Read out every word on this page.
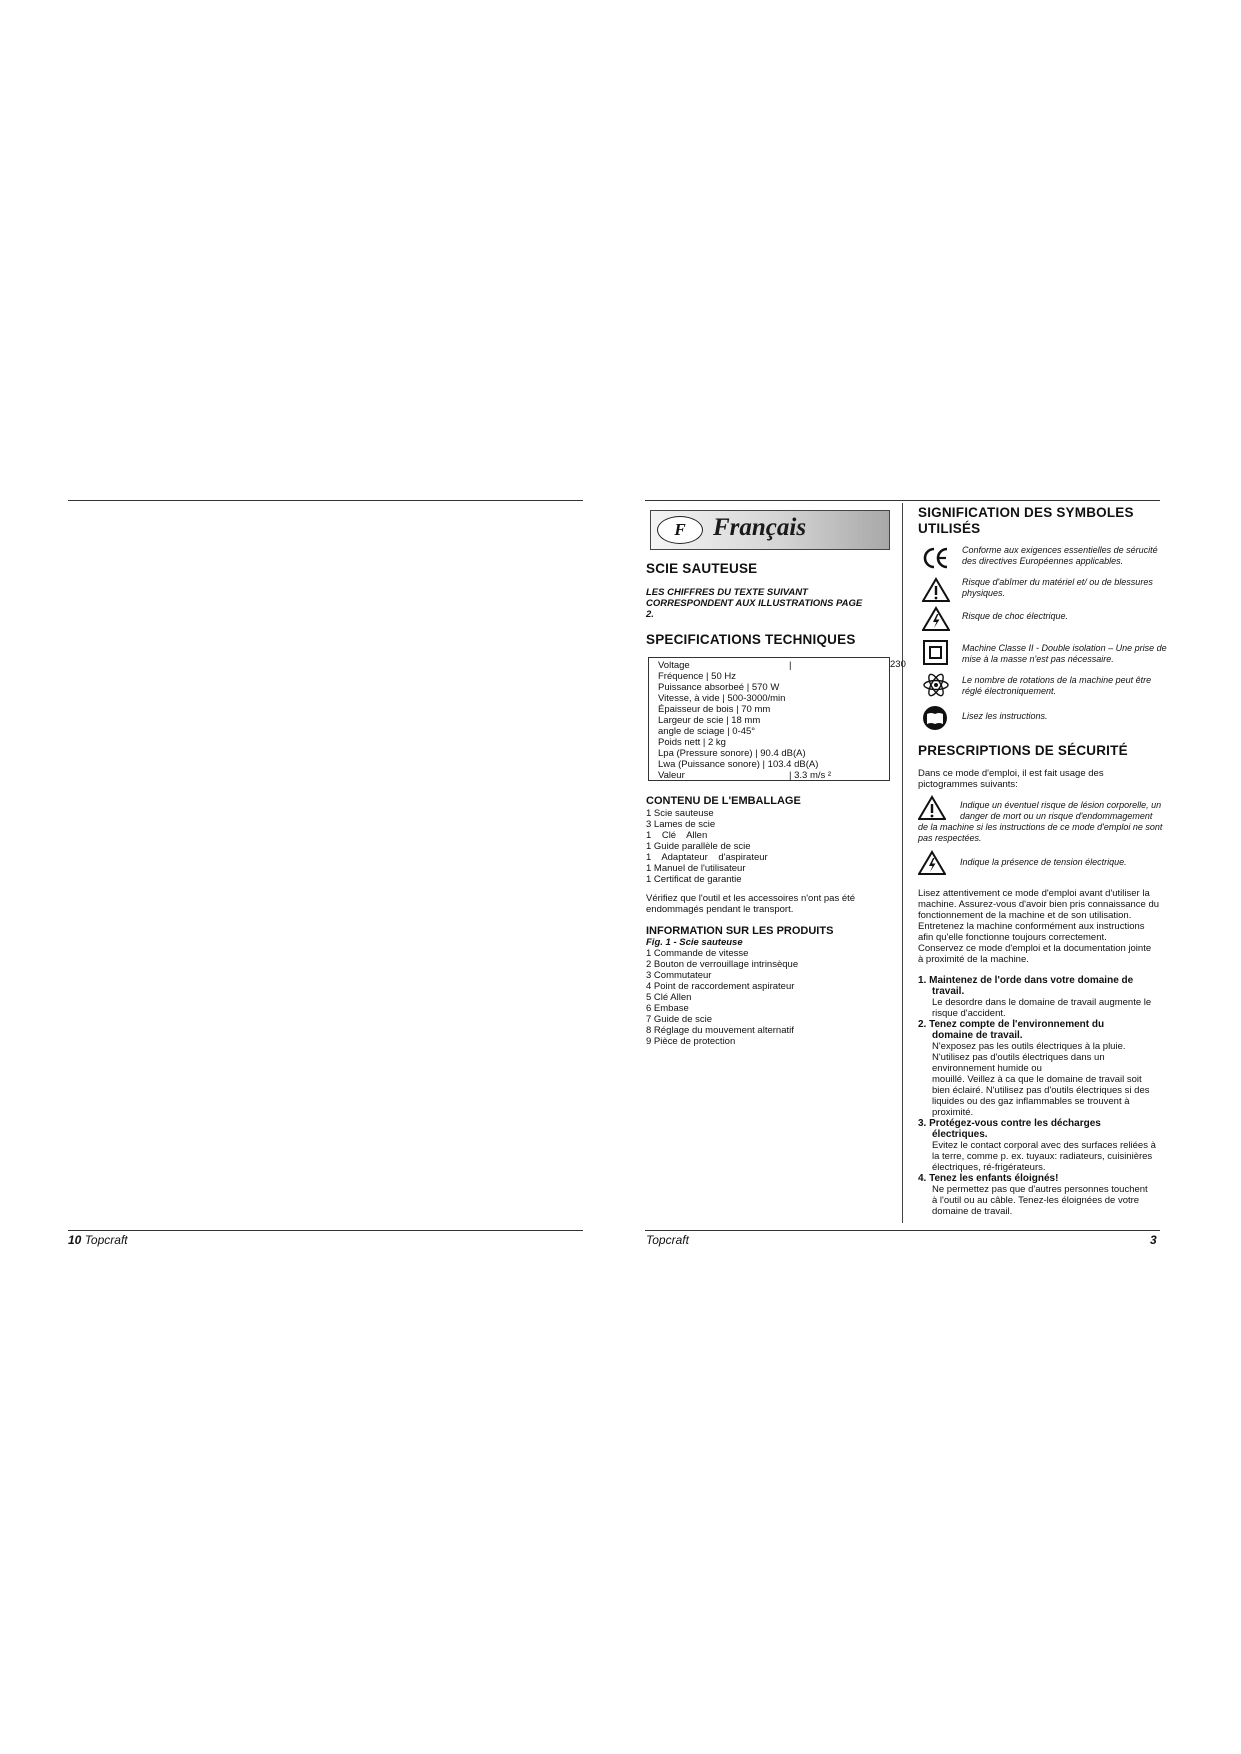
10 Topcraft
F	Français
SCIE SAUTEUSE
LES CHIFFRES DU TEXTE SUIVANT
CORRESPONDENT AUX ILLUSTRATIONS PAGE
2.
SPECIFICATIONS TECHNIQUES
Voltage
Fréquence | 50 Hz
Puissance absorbeé | 570 W
Vitesse, à vide | 500-3000/min
Épaisseur de bois | 70 mm
Largeur de scie | 18 mm
angle de sciage | 0-45°
Poids nett | 2 kg
Lpa (Pressure sonore) | 90.4 dB(A)
Lwa (Puissance sonore) | 103.4 dB(A)
Valeur
|
| 3.3 m/s ²
230
CONTENU DE L'EMBALLAGE
1 Scie sauteuse
3 Lames de scie
1    Clé    Allen
1 Guide parallèle de scie
1    Adaptateur    d'aspirateur
1 Manuel de l'utilisateur
1 Certificat de garantie
Vérifiez que l'outil et les accessoires n'ont pas été
endommagés pendant le transport.
INFORMATION SUR LES PRODUITS
Fig. 1 - Scie sauteuse
1 Commande de vitesse
2 Bouton de verrouillage intrinsèque
3 Commutateur
4 Point de raccordement aspirateur
5 Clé Allen
6 Embase
7 Guide de scie
8 Réglage du mouvement alternatif
9 Pièce de protection
SIGNIFICATION DES SYMBOLES
UTILISÉS
Conforme aux exigences essentielles de sérucité des directives Européennes applicables.
Risque d'abîmer du matériel et/ ou de blessures physiques.
Risque de choc électrique.
Machine Classe II - Double isolation – Une prise de mise à la masse n'est pas nécessaire.
Le nombre de rotations de la machine peut être réglé électroniquement.
Lisez les instructions.
PRESCRIPTIONS DE SÉCURITÉ
Dans ce mode d'emploi, il est fait usage des
pictogrammes suivants:
Indique un éventuel risque de lésion corporelle, un
danger de mort ou un risque d'endommagement
de la machine si les instructions de ce mode d'emploi ne sont
pas respectées.
Indique la présence de tension électrique.
Lisez attentivement ce mode d'emploi avant d'utiliser la
machine. Assurez-vous d'avoir bien pris connaissance du
fonctionnement de la machine et de son utilisation.
Entretenez la machine conformément aux instructions
afin qu'elle fonctionne toujours correctement.
Conservez ce mode d'emploi et la documentation jointe
à proximité de la machine.
1. Maintenez de l'orde dans votre domaine de
travail.
Le desordre dans le domaine de travail augmente le
risque d'accident.
2. Tenez compte de l'environnement du
domaine de travail.
N'exposez pas les outils électriques à la pluie.
N'utilisez pas d'outils électriques dans un
environnement humide ou
mouillé. Veillez à ca que le domaine de travail soit
bien éclairé. N'utilisez pas d'outils électriques si des
liquides ou des gaz inflammables se trouvent à
proximité.
3. Protégez-vous contre les décharges
électriques.
Evitez le contact corporal avec des surfaces reliées à
la terre, comme p. ex. tuyaux: radiateurs, cuisinières
électriques, ré-frigérateurs.
4. Tenez les enfants éloignés!
Ne permettez pas que d'autres personnes touchent
à l'outil ou au câble. Tenez-les éloignées de votre
domaine de travail.
Topcraft	3
